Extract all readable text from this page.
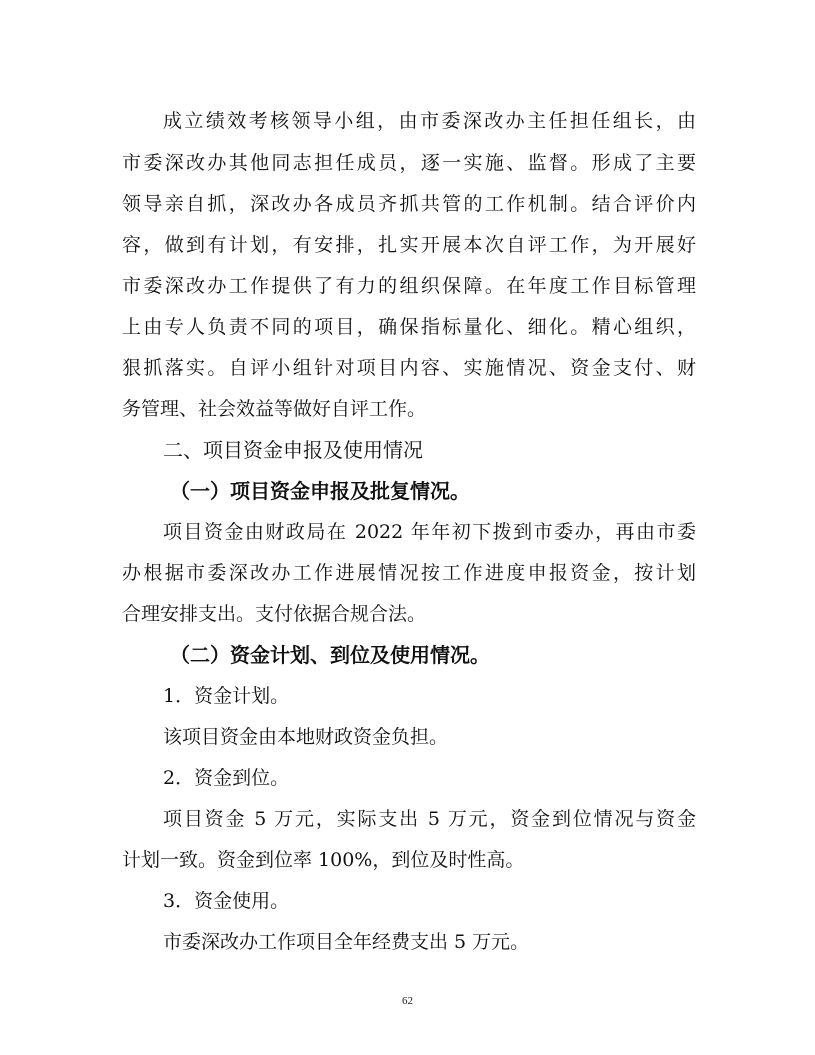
成立绩效考核领导小组，由市委深改办主任担任组长，由
市委深改办其他同志担任成员，逐一实施、监督。形成了主要
领导亲自抓，深改办各成员齐抓共管的工作机制。结合评价内
容，做到有计划，有安排，扎实开展本次自评工作，为开展好
市委深改办工作提供了有力的组织保障。在年度工作目标管理
上由专人负责不同的项目，确保指标量化、细化。精心组织，
狠抓落实。自评小组针对项目内容、实施情况、资金支付、财
务管理、社会效益等做好自评工作。
二、项目资金申报及使用情况
（一）项目资金申报及批复情况。
项目资金由财政局在 2022 年年初下拨到市委办，再由市委
办根据市委深改办工作进展情况按工作进度申报资金，按计划
合理安排支出。支付依据合规合法。
（二）资金计划、到位及使用情况。
1．资金计划。
该项目资金由本地财政资金负担。
2．资金到位。
项目资金 5 万元，实际支出 5 万元，资金到位情况与资金
计划一致。资金到位率 100%，到位及时性高。
3．资金使用。
市委深改办工作项目全年经费支出 5 万元。
62
